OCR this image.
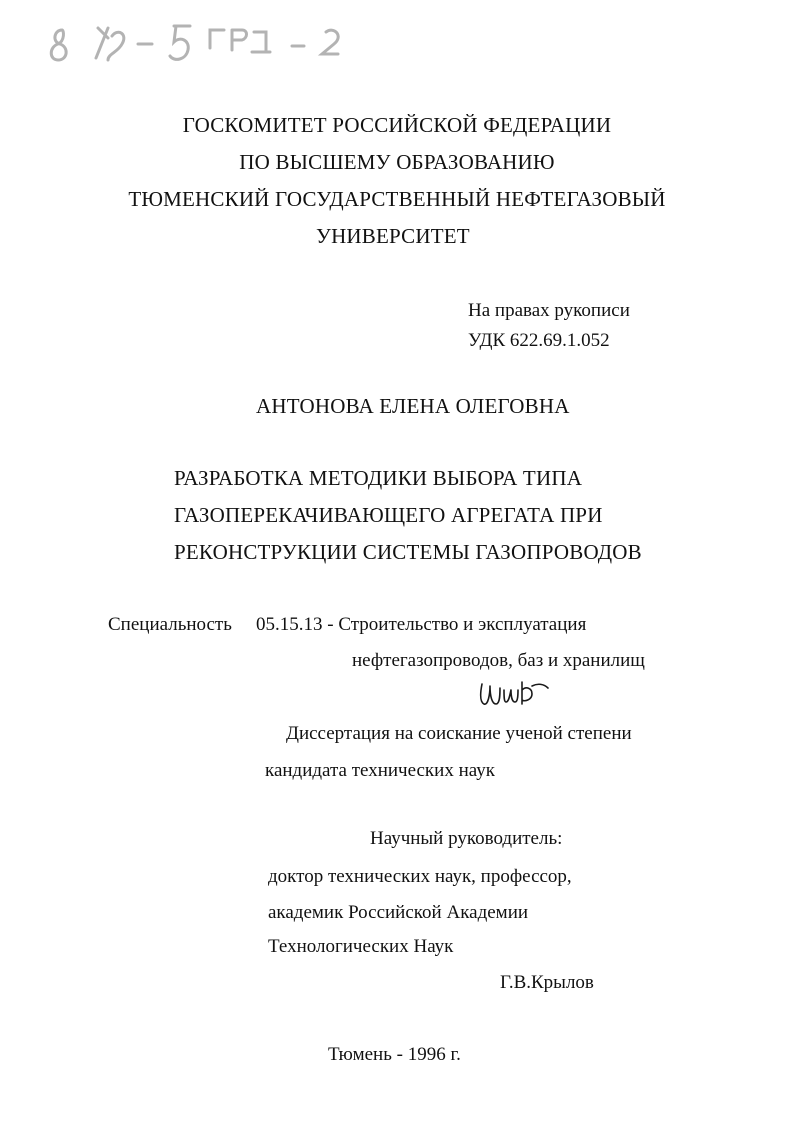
8 85-5 ГБД-2
ГОСКОМИТЕТ РОССИЙСКОЙ ФЕДЕРАЦИИ
ПО ВЫСШЕМУ ОБРАЗОВАНИЮ
ТЮМЕНСКИЙ ГОСУДАРСТВЕННЫЙ НЕФТЕГАЗОВЫЙ
УНИВЕРСИТЕТ
На правах рукописи
УДК 622.69.1.052
АНТОНОВА ЕЛЕНА ОЛЕГОВНА
РАЗРАБОТКА МЕТОДИКИ ВЫБОРА ТИПА
ГАЗОПЕРЕКАЧИВАЮЩЕГО АГРЕГАТА ПРИ
РЕКОНСТРУКЦИИ СИСТЕМЫ ГАЗОПРОВОДОВ
Специальность 05.15.13 - Строительство и эксплуатация
нефтегазопроводов, баз и хранилищ
Шиф
Диссертация на соискание ученой степени
кандидата технических наук
Научный руководитель:
доктор технических наук, профессор,
академик Российской Академии
Технологических Наук
Г.В.Крылов
Тюмень - 1996 г.
